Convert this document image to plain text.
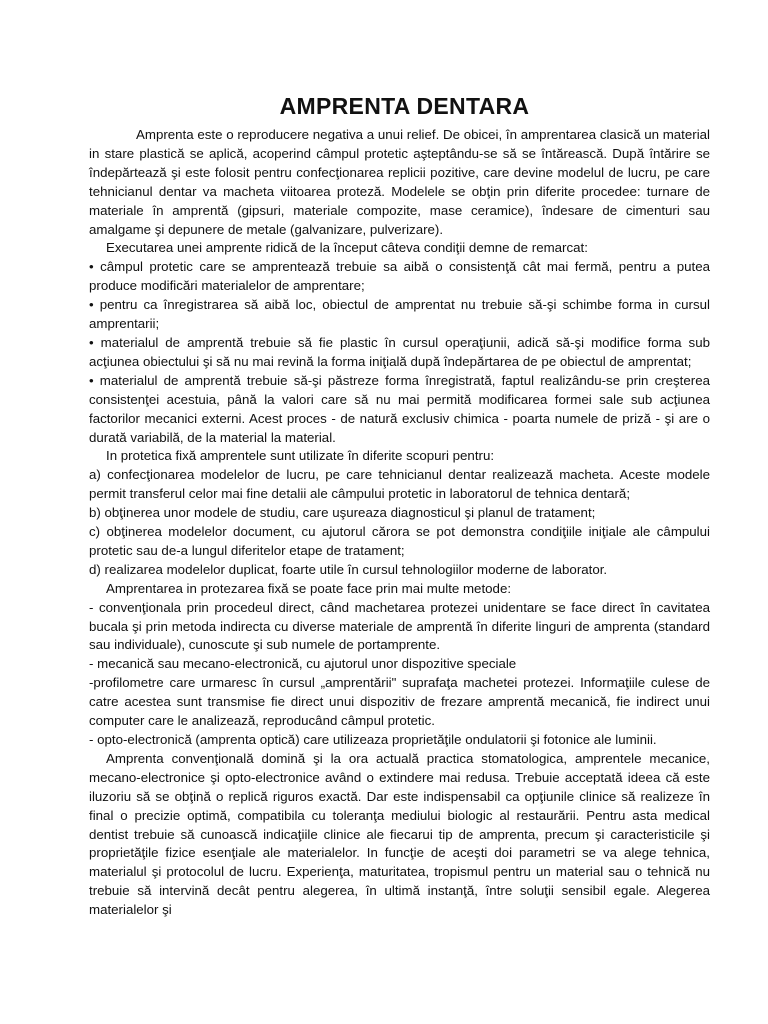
AMPRENTA DENTARA

Amprenta este o reproducere negativa a unui relief. De obicei, în amprentarea clasică un material in stare plastică se aplică, acoperind câmpul protetic aşteptându-se să se întărească. După întărire se îndepărtează şi este folosit pentru confecţionarea replicii pozitive, care devine modelul de lucru, pe care tehnicianul dentar va macheta viitoarea proteză. Modelele se obţin prin diferite procedee: turnare de materiale în amprentă (gipsuri, materiale compozite, mase ceramice), îndesare de cimenturi sau amalgame şi depunere de metale (galvanizare, pulverizare).

Executarea unei amprente ridică de la început câteva condiţii demne de remarcat:

• câmpul protetic care se amprentează trebuie sa aibă o consistenţă cât mai fermă, pentru a putea produce modificări materialelor de amprentare;

• pentru ca înregistrarea să aibă loc, obiectul de amprentat nu trebuie să-şi schimbe forma in cursul amprentarii;

• materialul de amprentă trebuie să fie plastic în cursul operaţiunii, adică să-şi modifice forma sub acţiunea obiectului şi să nu mai revină la forma iniţială după îndepărtarea de pe obiectul de amprentat;

• materialul de amprentă trebuie să-şi păstreze forma înregistrată, faptul realizându-se prin creşterea consistenţei acestuia, până la valori care să nu mai permită modificarea formei sale sub acţiunea factorilor mecanici externi. Acest proces - de natură exclusiv chimica - poarta numele de priză - şi are o durată variabilă, de la material la material.

In protetica fixă amprentele sunt utilizate în diferite scopuri pentru:

a) confecţionarea modelelor de lucru, pe care tehnicianul dentar realizează macheta. Aceste modele permit transferul celor mai fine detalii ale câmpului protetic in laboratorul de tehnica dentară;

b) obţinerea unor modele de studiu, care uşureaza diagnosticul şi planul de tratament;

c) obţinerea modelelor document, cu ajutorul cărora se pot demonstra condiţiile iniţiale ale câmpului protetic sau de-a lungul diferitelor etape de tratament;

d) realizarea modelelor duplicat, foarte utile în cursul tehnologiilor moderne de laborator.

Amprentarea in protezarea fixă se poate face prin mai multe metode:

- convenţionala prin procedeul direct, când machetarea protezei unidentare se face direct în cavitatea bucala şi prin metoda indirecta cu diverse materiale de amprentă în diferite linguri de amprenta (standard sau individuale), cunoscute şi sub numele de portamprente.

- mecanică sau mecano-electronică, cu ajutorul unor dispozitive speciale

-profilometre care urmaresc în cursul „amprentării" suprafaţa machetei protezei. Informaţiile culese de catre acestea sunt transmise fie direct unui dispozitiv de frezare amprentă mecanică, fie indirect unui computer care le analizează, reproducând câmpul protetic.

- opto-electronică (amprenta optică) care utilizeaza proprietăţile ondulatorii şi fotonice ale luminii.

Amprenta convenţională domină şi la ora actuală practica stomatologica, amprentele mecanice, mecano-electronice şi opto-electronice având o extindere mai redusa. Trebuie acceptată ideea că este iluzoriu să se obţină o replică riguros exactă. Dar este indispensabil ca opţiunile clinice să realizeze în final o precizie optimă, compatibila cu toleranţa mediului biologic al restaurării. Pentru asta medical dentist trebuie să cunoască indicaţiile clinice ale fiecarui tip de amprenta, precum şi caracteristicile şi proprietăţile fizice esenţiale ale materialelor. In funcţie de aceşti doi parametri se va alege tehnica, materialul şi protocolul de lucru. Experienţa, maturitatea, tropismul pentru un material sau o tehnică nu trebuie să intervină decât pentru alegerea, în ultimă instanţă, între soluţii sensibil egale. Alegerea materialelor şi
